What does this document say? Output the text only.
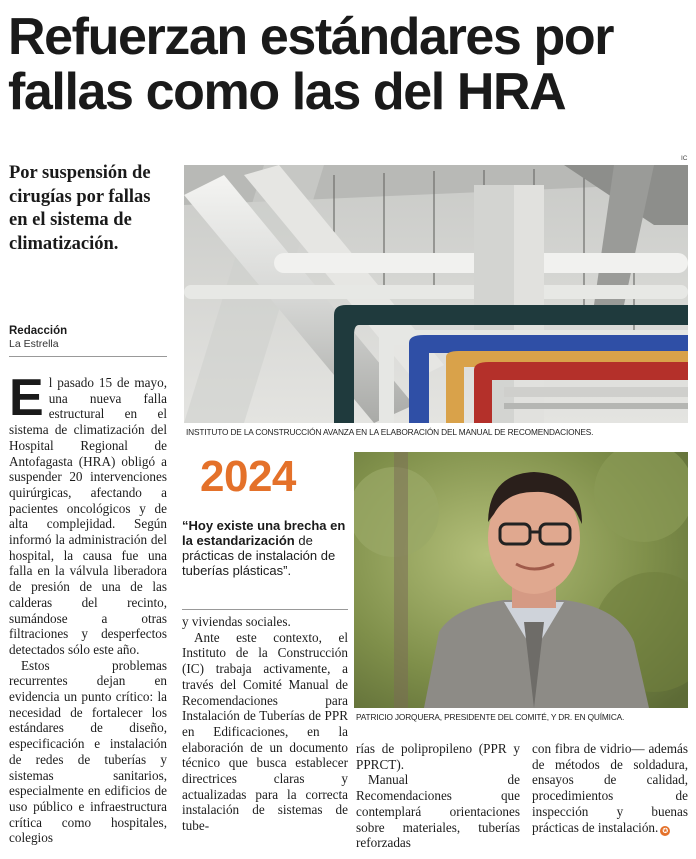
Refuerzan estándares por fallas como las del HRA
Por suspensión de cirugías por fallas en el sistema de climatización.
Redacción
La Estrella
IC
INSTITUTO DE LA CONSTRUCCIÓN AVANZA EN LA ELABORACIÓN DEL MANUAL DE RECOMENDACIONES.
PATRICIO JORQUERA, PRESIDENTE DEL COMITÉ, Y DR. EN QUÍMICA.
2024
“Hoy existe una brecha en la estandarización de prácticas de instalación de tuberías plásticas”.

El pasado 15 de mayo, una nueva falla estructural en el sistema de climatización del Hospital Regional de Antofagasta (HRA) obligó a suspender 20 intervenciones quirúrgicas, afectando a pacientes oncológicos y de alta complejidad. Según informó la administración del hospital, la causa fue una falla en la válvula liberadora de presión de una de las calderas del recinto, sumándose a otras filtraciones y desperfectos detectados sólo este año.

Estos problemas recurrentes dejan en evidencia un punto crítico: la necesidad de fortalecer los estándares de diseño, especificación e instalación de redes de tuberías y sistemas sanitarios, especialmente en edificios de uso público e infraestructura crítica como hospitales, colegios

y viviendas sociales.

Ante este contexto, el Instituto de la Construcción (IC) trabaja activamente, a través del Comité Manual de Recomendaciones para Instalación de Tuberías de PPR en Edificaciones, en la elaboración de un documento técnico que busca establecer directrices claras y actualizadas para la correcta instalación de sistemas de tube-

rías de polipropileno (PPR y PPRCT).

Manual de Recomendaciones que contemplará orientaciones sobre materiales, tuberías reforzadas

con fibra de vidrio— además de métodos de soldadura, ensayos de calidad, procedimientos de inspección y buenas prácticas de instalación. ✪
